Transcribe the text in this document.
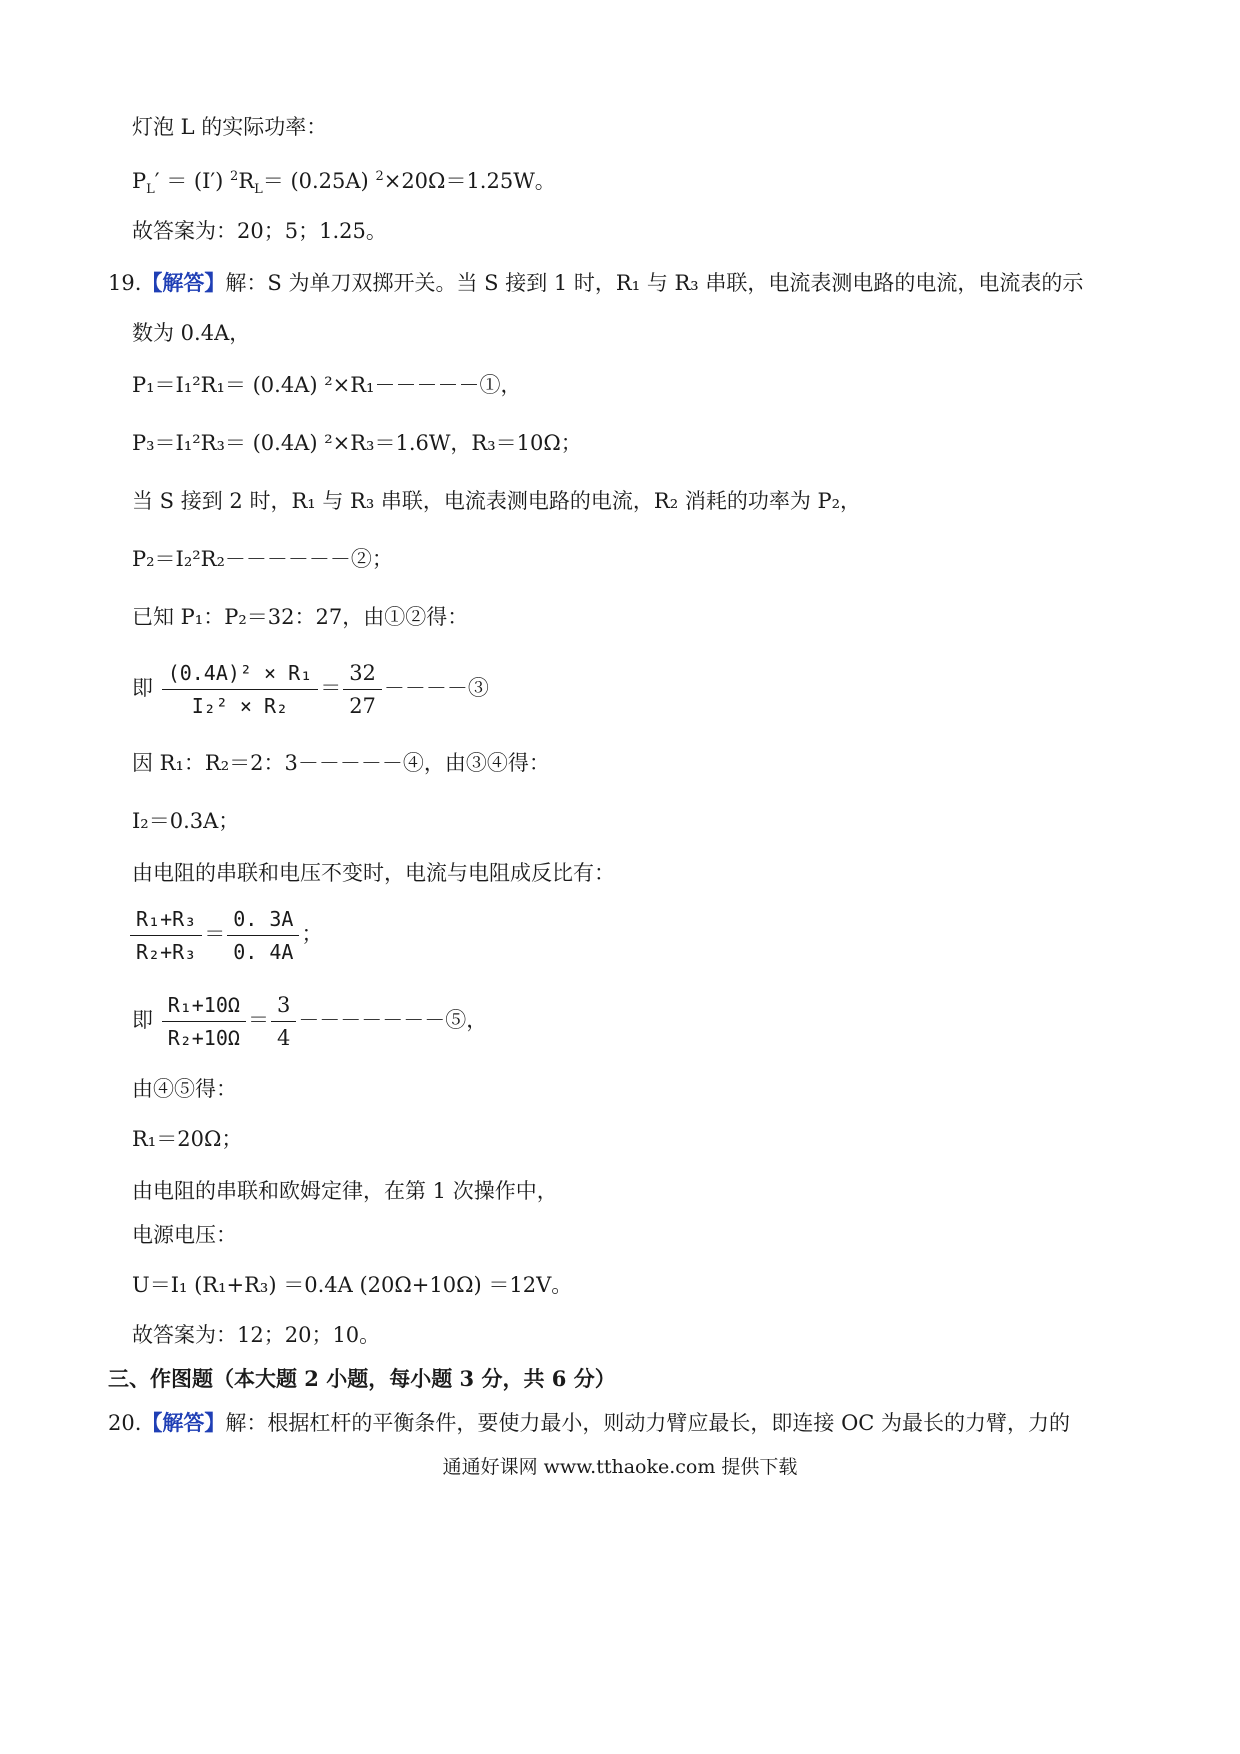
灯泡 L 的实际功率：
$P_L' = (I')$ $^2R_L= (0.25A)$ $^2$×20Ω＝1.25W。
故答案为：20；5；1.25。
19.【解答】解：S 为单刀双掷开关。当 S 接到 1 时，R₁ 与 R₃ 串联，电流表测电路的电流，电流表的示
数为 0.4A，
P₁＝I₁²R₁＝ (0.4A) ²×R₁－－－－－①，
P₃＝I₁²R₃＝ (0.4A) ²×R₃＝1.6W，R₃＝10Ω；
当 S 接到 2 时，R₁ 与 R₃ 串联，电流表测电路的电流，R₂ 消耗的功率为 P₂，
P₂＝I₂²R₂－－－－－－②；
已知 P₁：P₂＝32：27，由①②得：
即 $\frac{\text{(0.4A)² × R₁}}{\text{I₂² × R₂}} = \frac{32}{27}$ －－－－③
因 R₁：R₂＝2：3－－－－－④，由③④得：
I₂＝0.3A；
由电阻的串联和电压不变时，电流与电阻成反比有：
$\frac{\text{R₁+R₃}}{\text{R₂+R₃}} = \frac{0. 3A}{0. 4A}$ ；
即 $\frac{\text{R₁+10Ω}}{\text{R₂+10Ω}} = \frac{3}{4}$ －－－－－－－⑤，
由④⑤得：
R₁＝20Ω；
由电阻的串联和欧姆定律，在第 1 次操作中，
电源电压：
U＝I₁ (R₁+R₃) ＝0.4A (20Ω+10Ω) ＝12V。
故答案为：12；20；10。
三、作图题（本大题 2 小题，每小题 3 分，共 6 分）
20.【解答】解：根据杠杆的平衡条件，要使力最小，则动力臂应最长，即连接 OC 为最长的力臂，力的
通通好课网 www.tthaoke.com 提供下载
